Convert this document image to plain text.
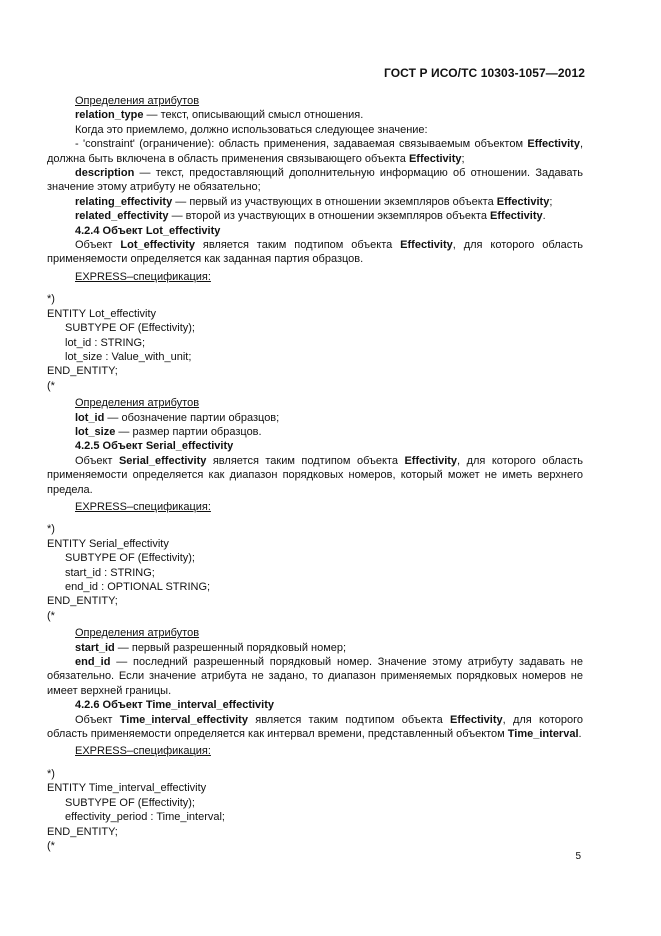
ГОСТ Р ИСО/ТС 10303-1057—2012

Определения атрибутов

relation_type — текст, описывающий смысл отношения.

Когда это приемлемо, должно использоваться следующее значение:

- 'constraint' (ограничение): область применения, задаваемая связываемым объектом Effectivity, должна быть включена в область применения связывающего объекта Effectivity;

description — текст, предоставляющий дополнительную информацию об отношении. Задавать значение этому атрибуту не обязательно;

relating_effectivity — первый из участвующих в отношении экземпляров объекта Effectivity;

related_effectivity — второй из участвующих в отношении экземпляров объекта Effectivity.

4.2.4 Объект Lot_effectivity

Объект Lot_effectivity является таким подтипом объекта Effectivity, для которого область применяемости определяется как заданная партия образцов.

EXPRESS–спецификация:

*)

ENTITY Lot_effectivity

SUBTYPE OF (Effectivity);

lot_id : STRING;

lot_size : Value_with_unit;

END_ENTITY;

(*

Определения атрибутов

lot_id — обозначение партии образцов;

lot_size — размер партии образцов.

4.2.5 Объект Serial_effectivity

Объект Serial_effectivity является таким подтипом объекта Effectivity, для которого область применяемости определяется как диапазон порядковых номеров, который может не иметь верхнего предела.

EXPRESS–спецификация:

*)

ENTITY Serial_effectivity

SUBTYPE OF (Effectivity);

start_id : STRING;

end_id : OPTIONAL STRING;

END_ENTITY;

(*

Определения атрибутов

start_id — первый разрешенный порядковый номер;

end_id — последний разрешенный порядковый номер. Значение этому атрибуту задавать не обязательно. Если значение атрибута не задано, то диапазон применяемых порядковых номеров не имеет верхней границы.

4.2.6 Объект Time_interval_effectivity

Объект Time_interval_effectivity является таким подтипом объекта Effectivity, для которого область применяемости определяется как интервал времени, представленный объектом Time_interval.

EXPRESS–спецификация:

*)

ENTITY Time_interval_effectivity

SUBTYPE OF (Effectivity);

effectivity_period : Time_interval;

END_ENTITY;

(*

5
